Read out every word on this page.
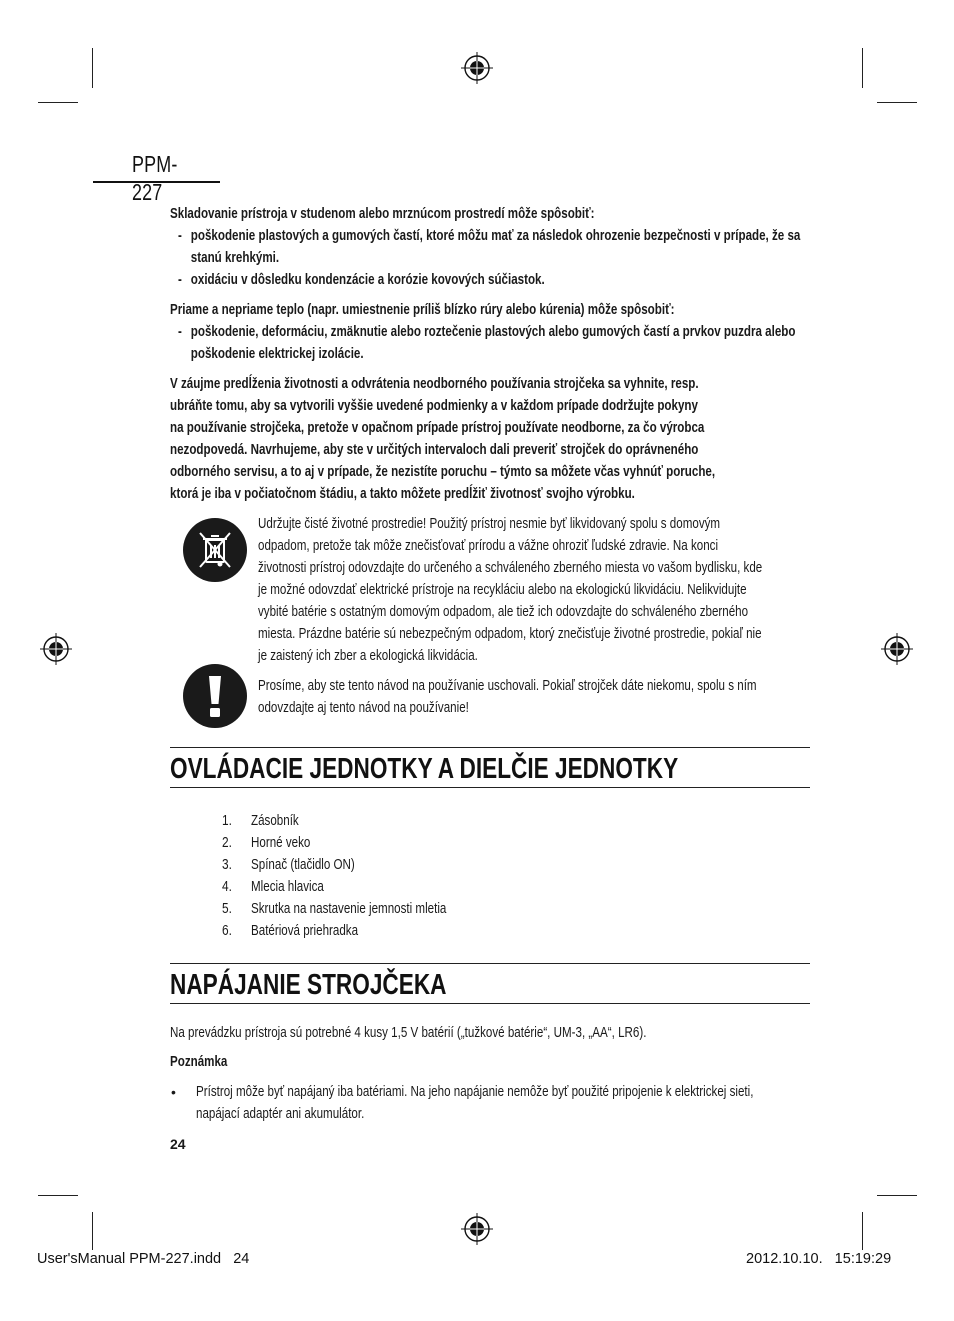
PPM-227

Skladovanie prístroja v studenom alebo mrznúcom prostredí môže spôsobiť:

- poškodenie plastových a gumových častí, ktoré môžu mať za následok ohrozenie bezpečnosti v prípade, že sa stanú krehkými.
- oxidáciu v dôsledku kondenzácie a korózie kovových súčiastok.

Priame a nepriame teplo (napr. umiestnenie príliš blízko rúry alebo kúrenia) môže spôsobiť:

- poškodenie, deformáciu, zmäknutie alebo roztečenie plastových alebo gumových častí a prvkov puzdra alebo poškodenie elektrickej izolácie.
V záujme predĺženia životnosti a odvrátenia neodborného používania strojčeka sa vyhnite, resp.
ubráňte tomu, aby sa vytvorili vyššie uvedené podmienky a v každom prípade dodržujte pokyny
na používanie strojčeka, pretože v opačnom prípade prístroj používate neodborne, za čo výrobca
nezodpovedá. Navrhujeme, aby ste v určitých intervaloch dali preveriť strojček do oprávneného
odborného servisu, a to aj v prípade, že nezistíte poruchu – týmto sa môžete včas vyhnúť poruche,
ktorá je iba v počiatočnom štádiu, a takto môžete predĺžiť životnosť svojho výrobku.
Udržujte čisté životné prostredie! Použitý prístroj nesmie byť likvidovaný spolu s domovým
odpadom, pretože tak môže znečisťovať prírodu a vážne ohroziť ľudské zdravie. Na konci
životnosti prístroj odovzdajte do určeného a schváleného zberného miesta vo vašom bydlisku, kde
je možné odovzdať elektrické prístroje na recykláciu alebo na ekologickú likvidáciu. Nelikvidujte
vybité batérie s ostatným domovým odpadom, ale tiež ich odovzdajte do schváleného zberného
miesta. Prázdne batérie sú nebezpečným odpadom, ktorý znečisťuje životné prostredie, pokiaľ nie
je zaistený ich zber a ekologická likvidácia.
Prosíme, aby ste tento návod na používanie uschovali. Pokiaľ strojček dáte niekomu, spolu s ním
odovzdajte aj tento návod na používanie!
OVLÁDACIE JEDNOTKY A DIELČIE JEDNOTKY
1.	Zásobník
2.	Horné veko
3.	Spínač (tlačidlo ON)
4.	Mlecia hlavica
5.	Skrutka na nastavenie jemnosti mletia
6.	Batériová priehradka
NAPÁJANIE STROJČEKA
Na prevádzku prístroja sú potrebné 4 kusy 1,5 V batérií („tužkové batérie“, UM-3, „AA“, LR6).
Poznámka
• Prístroj môže byť napájaný iba batériami. Na jeho napájanie nemôže byť použité pripojenie k elektrickej sieti,
napájací adaptér ani akumulátor.
24
User'sManual PPM-227.indd   24	2012.10.10.   15:19:29
